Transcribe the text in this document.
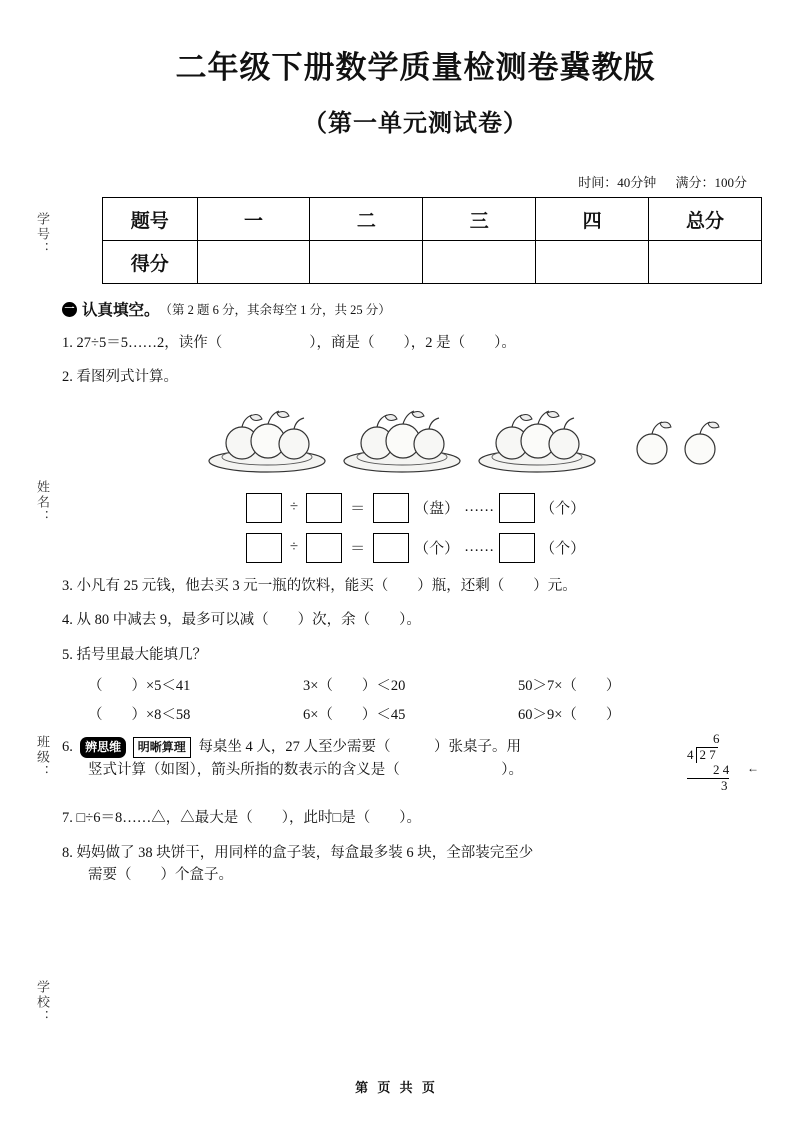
学号：
姓名：
班级：
学校：
二年级下册数学质量检测卷冀教版
（第一单元测试卷）
时间：40分钟 满分：100分
题号	一	二	三	四	总分
得分					
一 认真填空。 （第 2 题 6 分，其余每空 1 分，共 25 分）
1. 27÷5＝5……2，读作（　　　　　　），商是（　　），2 是（　　）。
2. 看图列式计算。
÷	＝	（盘） ……	（个）
÷	＝	（个） ……	（个）
3. 小凡有 25 元钱，他去买 3 元一瓶的饮料，能买（　　）瓶，还剩（　　）元。
4. 从 80 中减去 9，最多可以减（　　）次，余（　　）。
5. 括号里最大能填几？
（　　）×5＜41	3×（　　）＜20	50＞7×（　　）
（　　）×8＜58	6×（　　）＜45	60＞9×（　　）
6.  辨思维 明晰算理 每桌坐 4 人，27 人至少需要（　　　）张桌子。用
竖式计算（如图），箭头所指的数表示的含义是（　　　　　　　）。
6
4 2 7
2 4 ←
3
7. □÷6＝8……△，△最大是（　　），此时□是（　　）。
8. 妈妈做了 38 块饼干，用同样的盒子装，每盒最多装 6 块，全部装完至少
需要（　　）个盒子。
第 页 共 页
